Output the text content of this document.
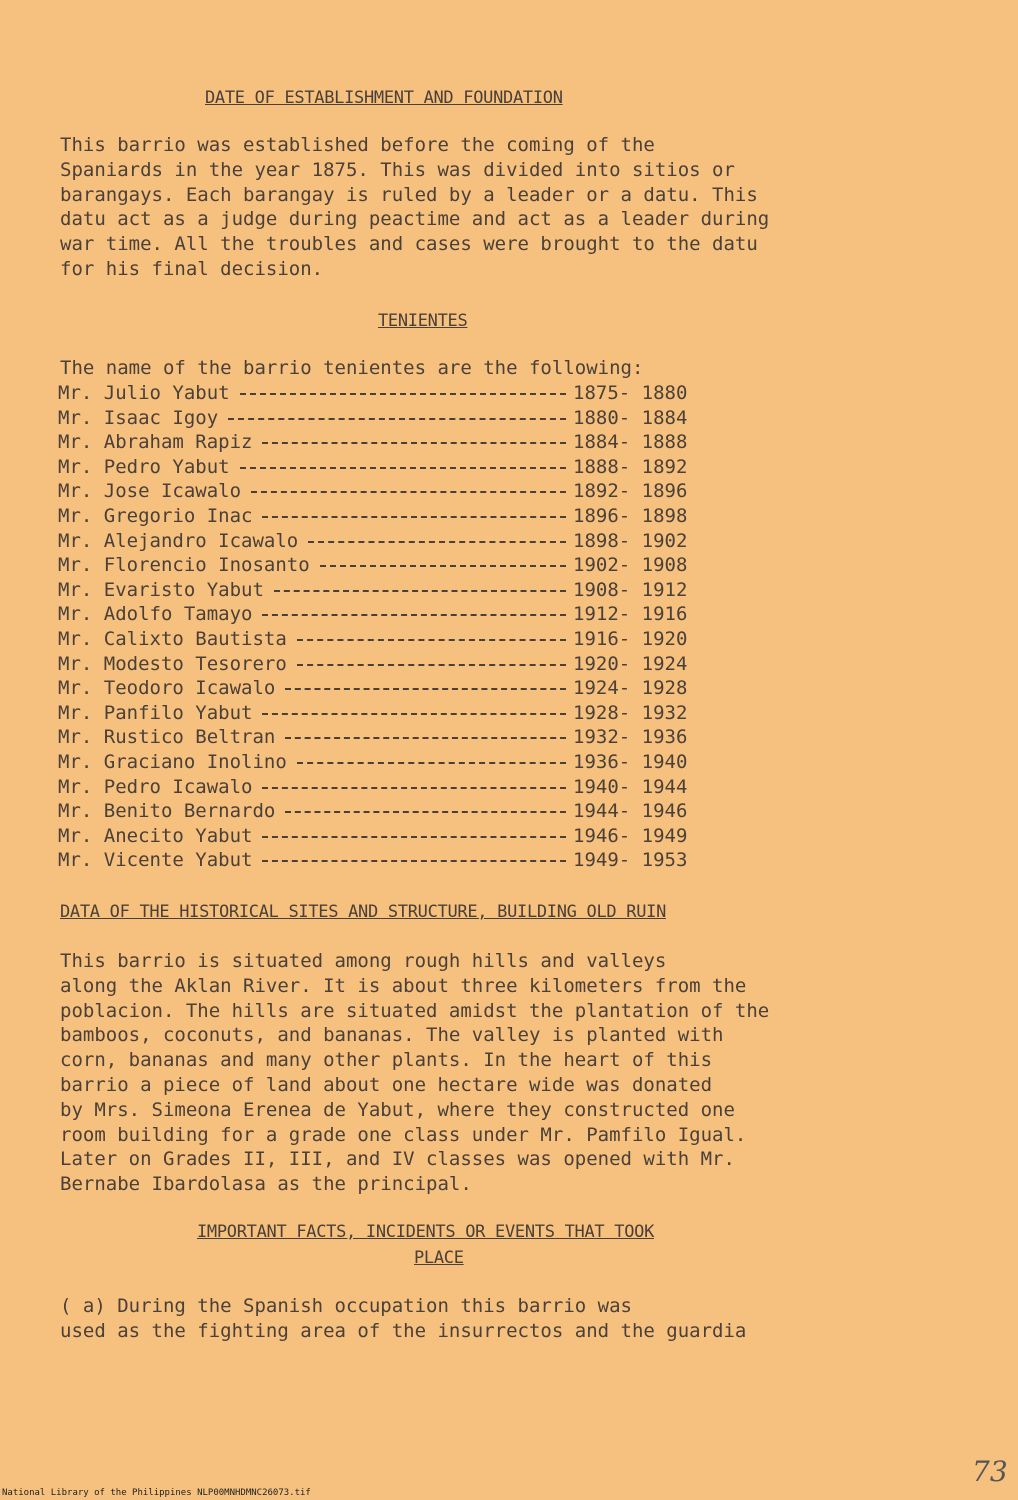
DATE OF ESTABLISHMENT AND FOUNDATION
This barrio was established before the coming of the
Spaniards in the year 1875. This was divided into sitios or
barangays. Each barangay is ruled by a leader or a datu. This
datu act as a judge during peactime and act as a leader during
war time. All the troubles and cases were brought to the datu
for his final decision.
TENIENTES
The name of the barrio tenientes are the following:
Mr. Julio Yabut	1875- 1880
Mr. Isaac Igoy	1880- 1884
Mr. Abraham Rapiz	1884- 1888
Mr. Pedro Yabut	1888- 1892
Mr. Jose Icawalo	1892- 1896
Mr. Gregorio Inac	1896- 1898
Mr. Alejandro Icawalo	1898- 1902
Mr. Florencio Inosanto	1902- 1908
Mr. Evaristo Yabut	1908- 1912
Mr. Adolfo Tamayo	1912- 1916
Mr. Calixto Bautista	1916- 1920
Mr. Modesto Tesorero	1920- 1924
Mr. Teodoro Icawalo	1924- 1928
Mr. Panfilo Yabut	1928- 1932
Mr. Rustico Beltran	1932- 1936
Mr. Graciano Inolino	1936- 1940
Mr. Pedro Icawalo	1940- 1944
Mr. Benito Bernardo	1944- 1946
Mr. Anecito Yabut	1946- 1949
Mr. Vicente Yabut	1949- 1953
DATA OF THE HISTORICAL SITES AND STRUCTURE, BUILDING OLD RUIN
This barrio is situated among rough hills and valleys
along the Aklan River. It is about three kilometers from the
poblacion. The hills are situated amidst the plantation of the
bamboos, coconuts, and bananas. The valley is planted with
corn, bananas and many other plants. In the heart of this
barrio a piece of land about one hectare wide was donated
by Mrs. Simeona Erenea de Yabut, where they constructed one
room building for a grade one class under Mr. Pamfilo Igual.
Later on Grades II, III, and IV classes was opened with Mr.
Bernabe Ibardolasa as the principal.
IMPORTANT FACTS, INCIDENTS OR EVENTS THAT TOOK
PLACE
( a) During the Spanish occupation this barrio was
used as the fighting area of the insurrectos and the guardia
73
National Library of the Philippines NLP00MNHDMNC26073.tif
